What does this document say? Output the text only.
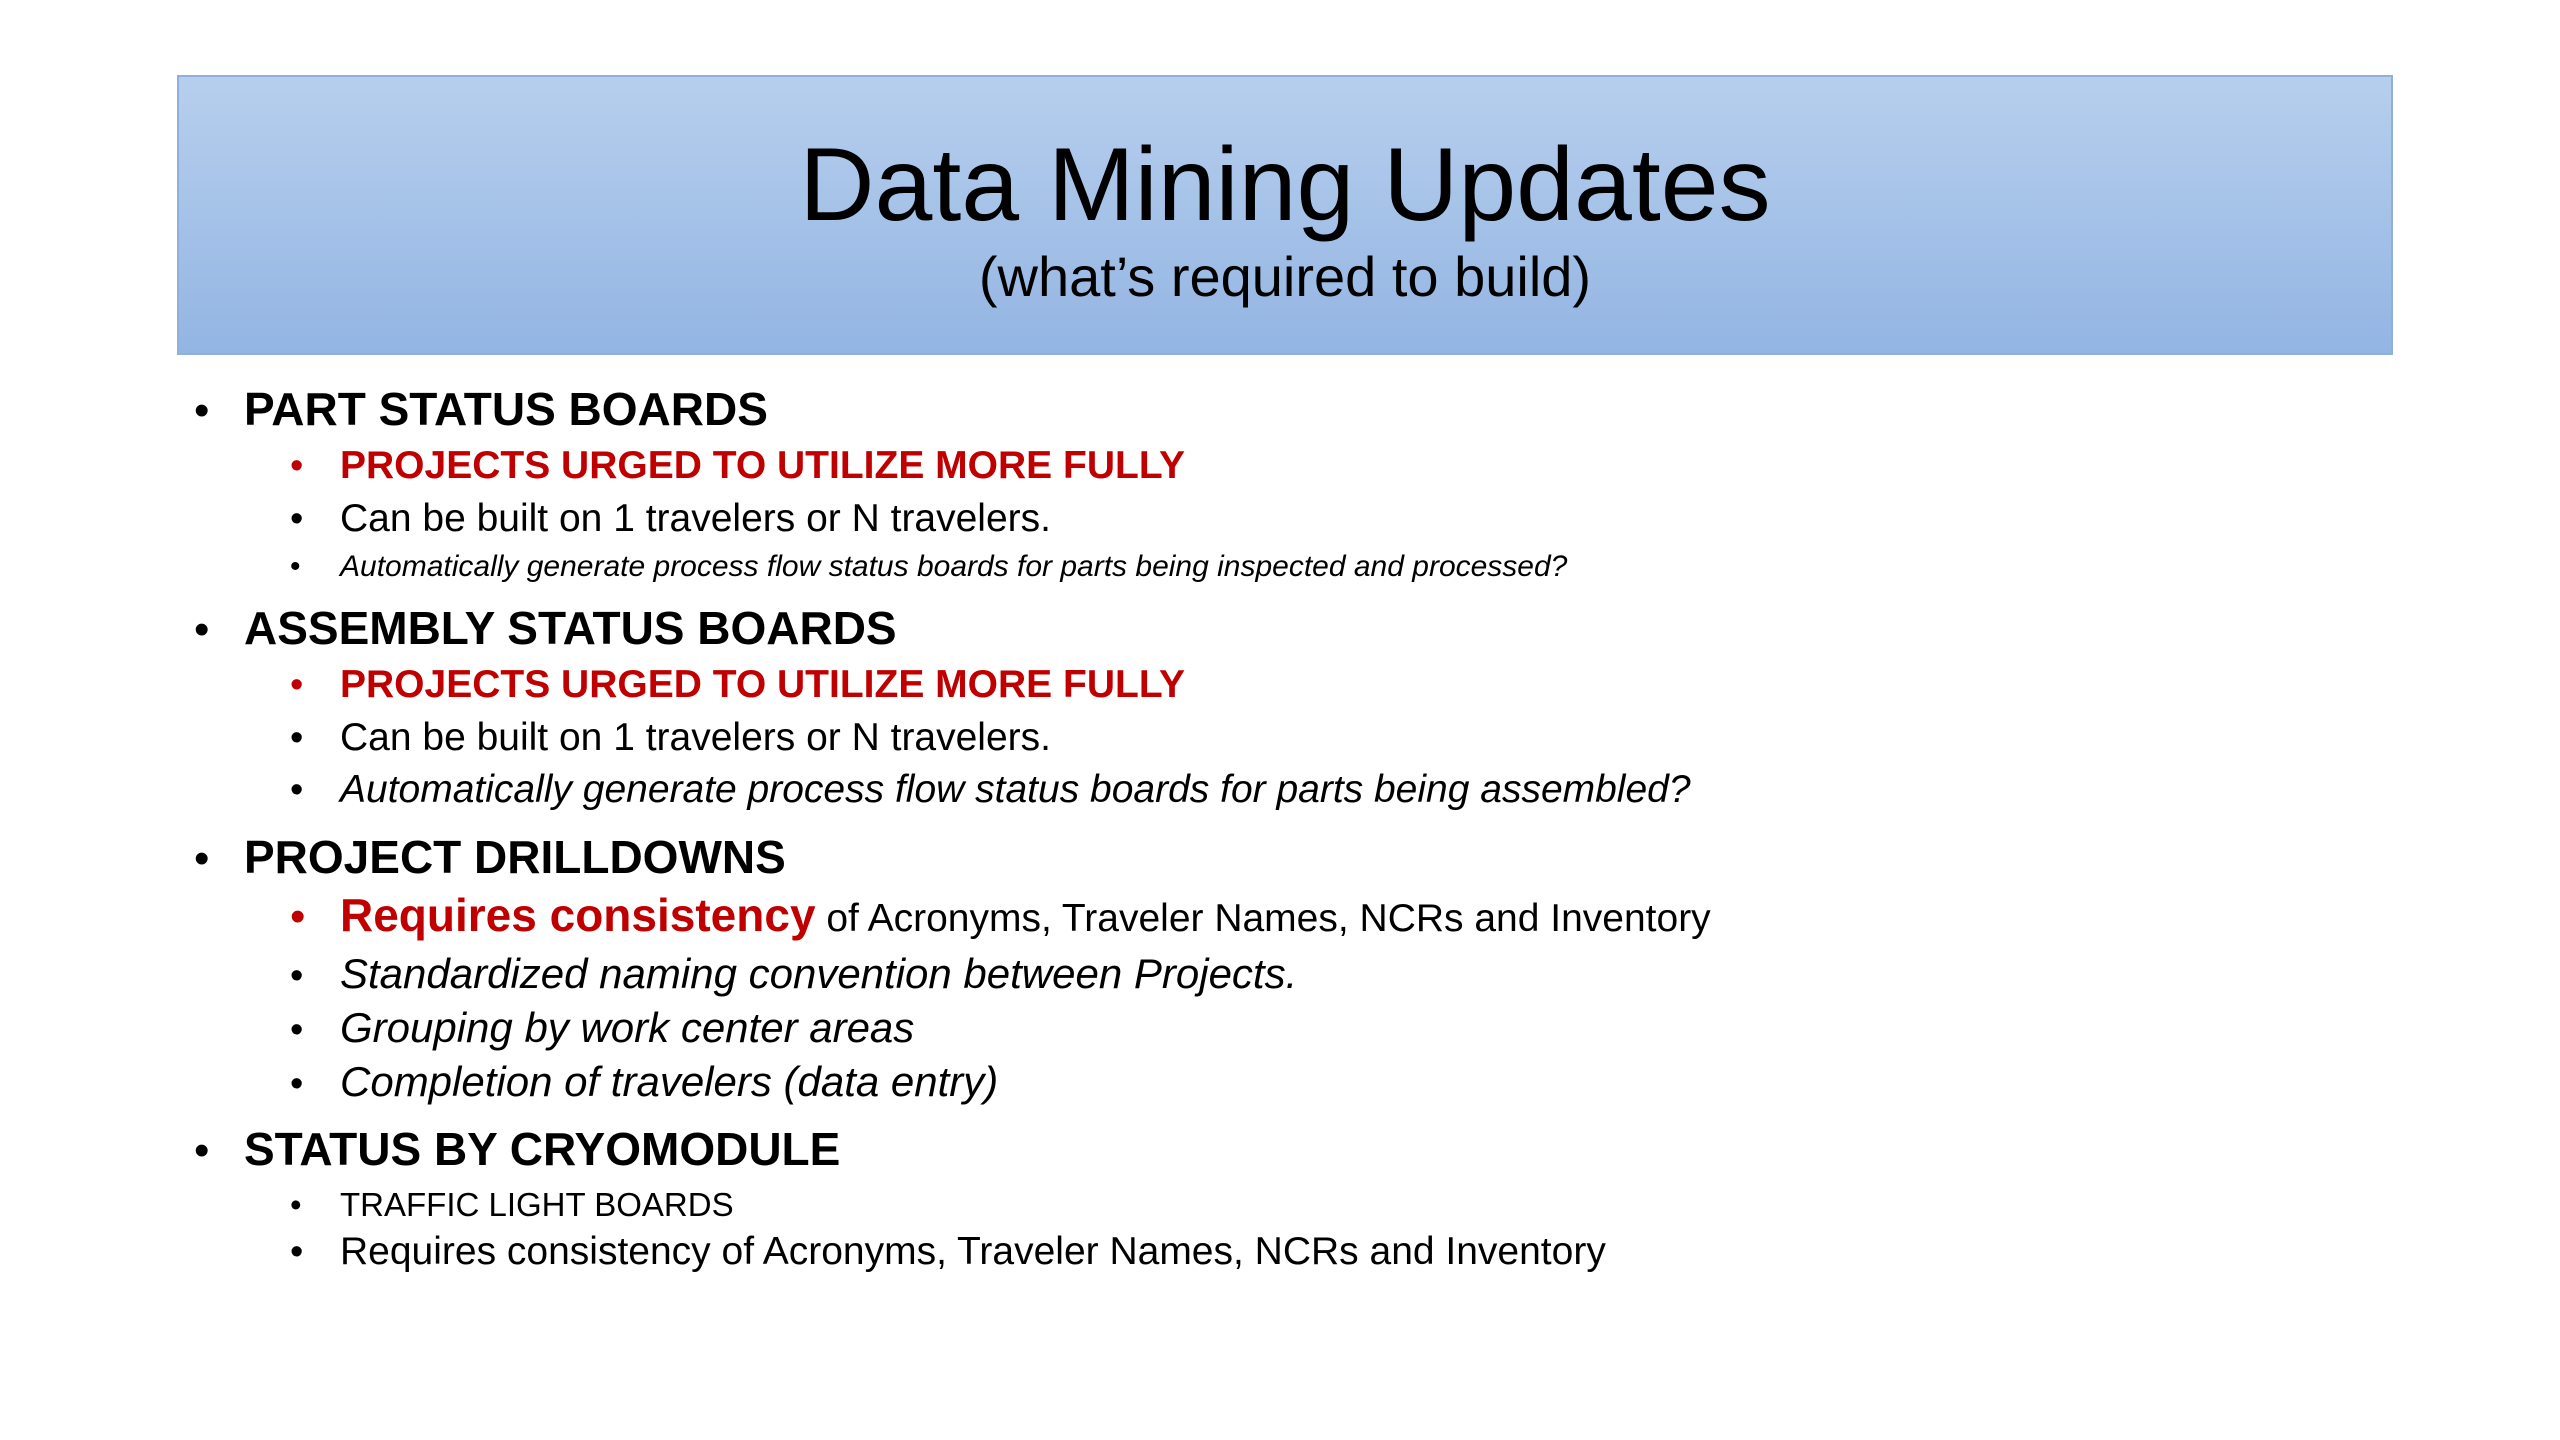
Data Mining Updates
(what’s required to build)
• PART STATUS BOARDS
• PROJECTS URGED TO UTILIZE MORE FULLY
• Can be built on 1 travelers or N travelers.
•	Automatically generate process flow status boards for parts being inspected and processed?
• ASSEMBLY STATUS BOARDS
• PROJECTS URGED TO UTILIZE MORE FULLY
• Can be built on 1 travelers or N travelers.
• Automatically generate process flow status boards for parts being assembled?
• PROJECT DRILLDOWNS
• Requires consistency of Acronyms, Traveler Names, NCRs and Inventory
• Standardized naming convention between Projects.
• Grouping by work center areas
• Completion of travelers (data entry)
• STATUS BY CRYOMODULE
•	TRAFFIC LIGHT BOARDS
• Requires consistency of Acronyms, Traveler Names, NCRs and Inventory
